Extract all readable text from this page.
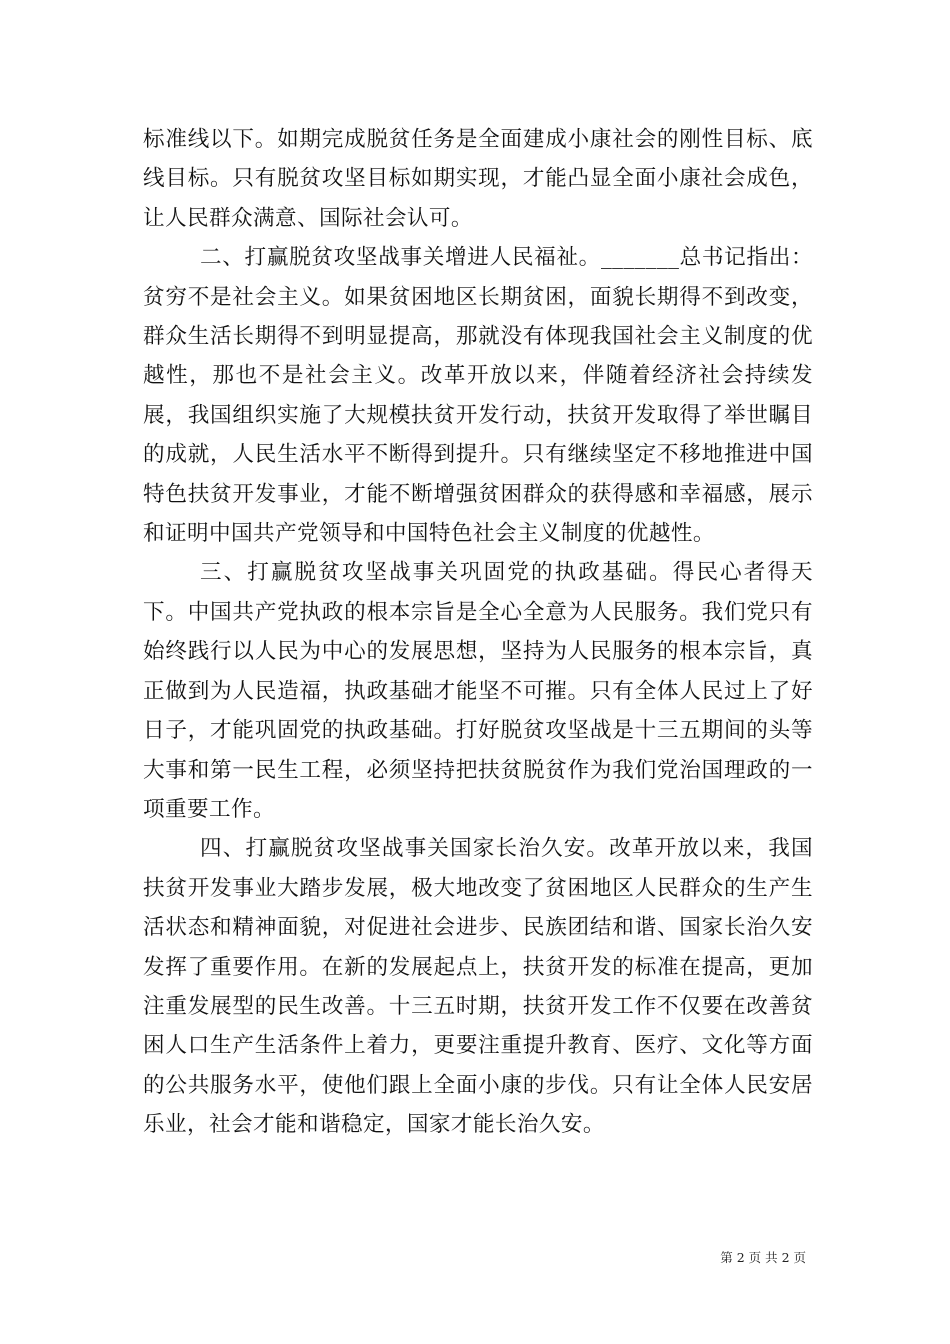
标准线以下。如期完成脱贫任务是全面建成小康社会的刚性目标、底线目标。只有脱贫攻坚目标如期实现，才能凸显全面小康社会成色，让人民群众满意、国际社会认可。

二、打赢脱贫攻坚战事关增进人民福祉。_______总书记指出：贫穷不是社会主义。如果贫困地区长期贫困，面貌长期得不到改变，群众生活长期得不到明显提高，那就没有体现我国社会主义制度的优越性，那也不是社会主义。改革开放以来，伴随着经济社会持续发展，我国组织实施了大规模扶贫开发行动，扶贫开发取得了举世瞩目的成就，人民生活水平不断得到提升。只有继续坚定不移地推进中国特色扶贫开发事业，才能不断增强贫困群众的获得感和幸福感，展示和证明中国共产党领导和中国特色社会主义制度的优越性。

三、打赢脱贫攻坚战事关巩固党的执政基础。得民心者得天下。中国共产党执政的根本宗旨是全心全意为人民服务。我们党只有始终践行以人民为中心的发展思想，坚持为人民服务的根本宗旨，真正做到为人民造福，执政基础才能坚不可摧。只有全体人民过上了好日子，才能巩固党的执政基础。打好脱贫攻坚战是十三五期间的头等大事和第一民生工程，必须坚持把扶贫脱贫作为我们党治国理政的一项重要工作。

四、打赢脱贫攻坚战事关国家长治久安。改革开放以来，我国扶贫开发事业大踏步发展，极大地改变了贫困地区人民群众的生产生活状态和精神面貌，对促进社会进步、民族团结和谐、国家长治久安发挥了重要作用。在新的发展起点上，扶贫开发的标准在提高，更加注重发展型的民生改善。十三五时期，扶贫开发工作不仅要在改善贫困人口生产生活条件上着力，更要注重提升教育、医疗、文化等方面的公共服务水平，使他们跟上全面小康的步伐。只有让全体人民安居乐业，社会才能和谐稳定，国家才能长治久安。

第 2 页 共 2 页
